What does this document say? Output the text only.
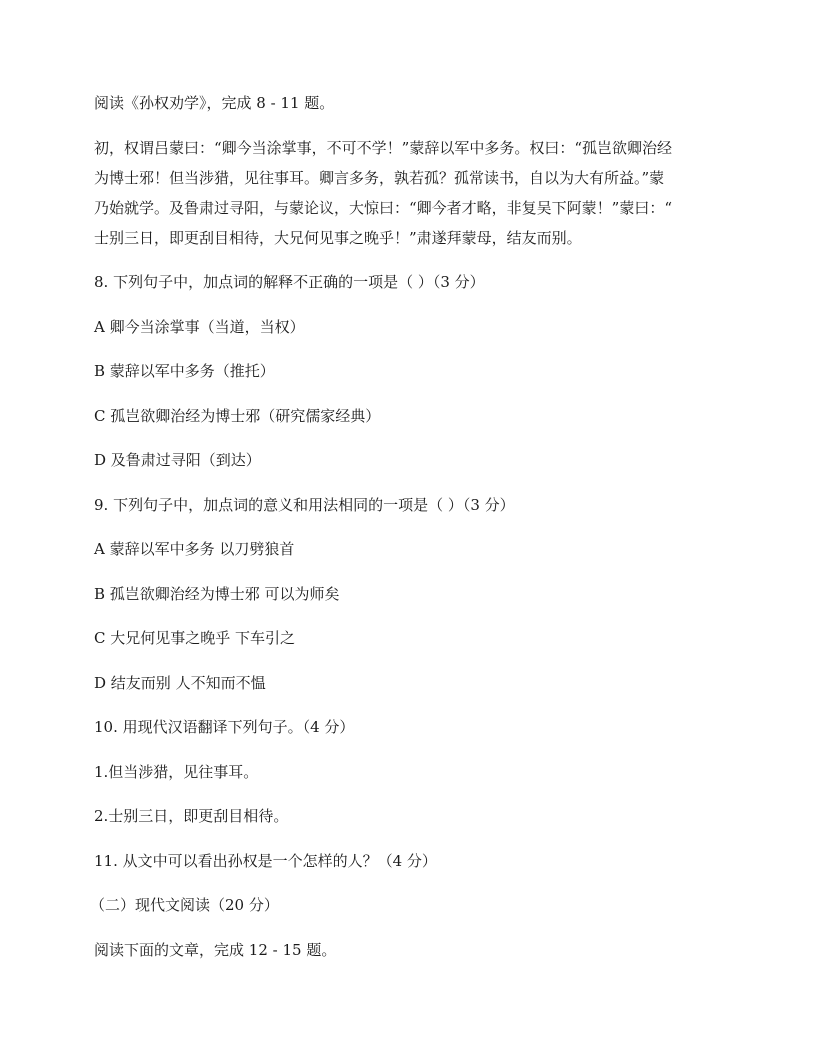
阅读《孙权劝学》，完成 8 - 11 题。

初，权谓吕蒙曰：“卿今当涂掌事，不可不学！”蒙辞以军中多务。权曰：“孤岂欲卿治经

为博士邪！但当涉猎，见往事耳。卿言多务，孰若孤？孤常读书，自以为大有所益。”蒙

乃始就学。及鲁肃过寻阳，与蒙论议，大惊曰：“卿今者才略，非复吴下阿蒙！”蒙曰：“

士别三日，即更刮目相待，大兄何见事之晚乎！”肃遂拜蒙母，结友而别。

8. 下列句子中，加点词的解释不正确的一项是（ ）（3 分）

A 卿今当涂掌事（当道，当权）

B 蒙辞以军中多务（推托）

C 孤岂欲卿治经为博士邪（研究儒家经典）

D 及鲁肃过寻阳（到达）

9. 下列句子中，加点词的意义和用法相同的一项是（ ）（3 分）

A 蒙辞以军中多务 以刀劈狼首

B 孤岂欲卿治经为博士邪 可以为师矣

C 大兄何见事之晚乎 下车引之

D 结友而别 人不知而不愠

10. 用现代汉语翻译下列句子。（4 分）

1.但当涉猎，见往事耳。

2.士别三日，即更刮目相待。

11. 从文中可以看出孙权是一个怎样的人？（4 分）

（二）现代文阅读（20 分）

阅读下面的文章，完成 12 - 15 题。
